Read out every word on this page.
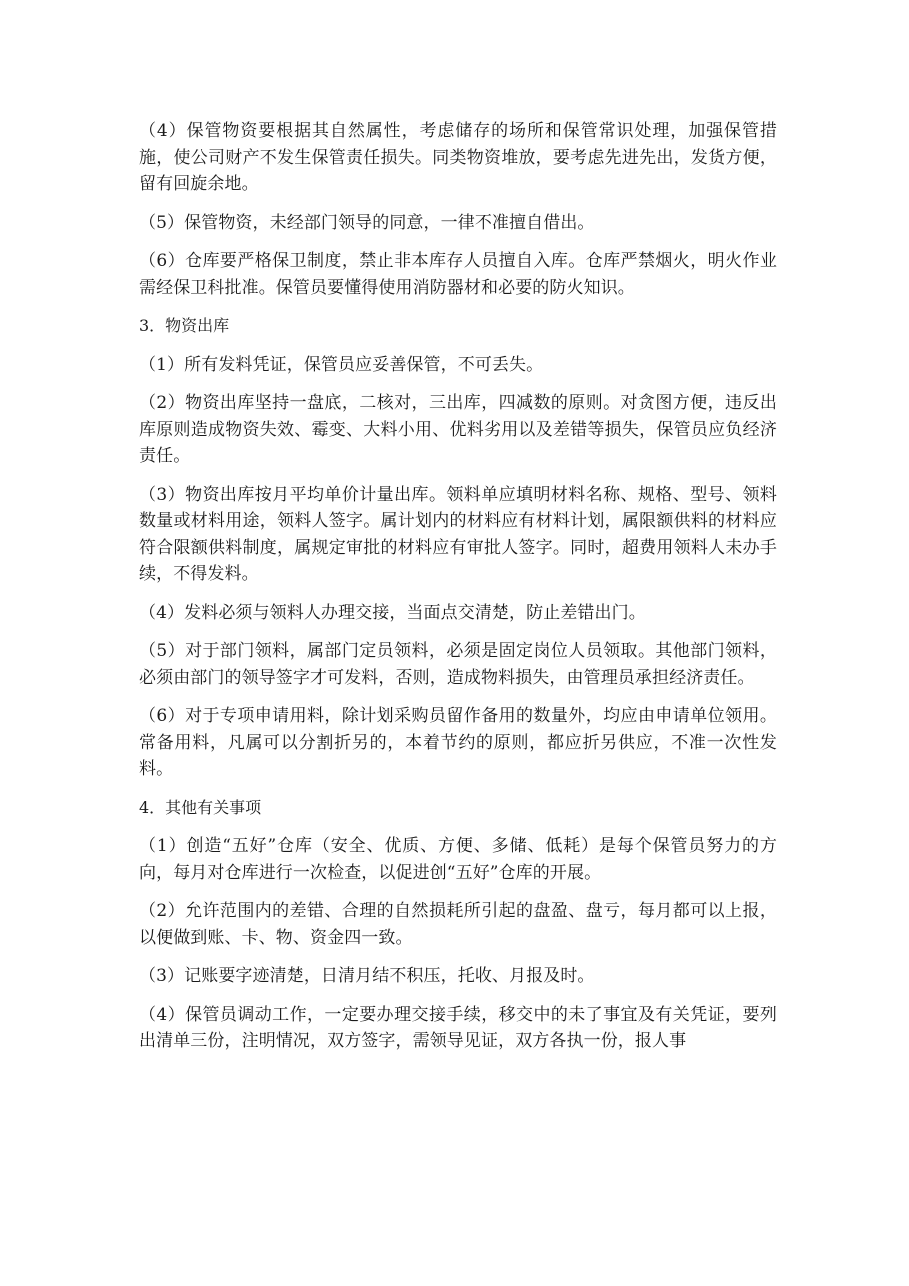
（4）保管物资要根据其自然属性，考虑储存的场所和保管常识处理，加强保管措施，使公司财产不发生保管责任损失。同类物资堆放，要考虑先进先出，发货方便，留有回旋余地。

（5）保管物资，未经部门领导的同意，一律不准擅自借出。

（6）仓库要严格保卫制度，禁止非本库存人员擅自入库。仓库严禁烟火，明火作业需经保卫科批准。保管员要懂得使用消防器材和必要的防火知识。

3．物资出库

（1）所有发料凭证，保管员应妥善保管，不可丢失。

（2）物资出库坚持一盘底，二核对，三出库，四减数的原则。对贪图方便，违反出库原则造成物资失效、霉变、大料小用、优料劣用以及差错等损失，保管员应负经济责任。

（3）物资出库按月平均单价计量出库。领料单应填明材料名称、规格、型号、领料数量或材料用途，领料人签字。属计划内的材料应有材料计划，属限额供料的材料应符合限额供料制度，属规定审批的材料应有审批人签字。同时，超费用领料人未办手续，不得发料。

（4）发料必须与领料人办理交接，当面点交清楚，防止差错出门。

（5）对于部门领料，属部门定员领料，必须是固定岗位人员领取。其他部门领料，必须由部门的领导签字才可发料，否则，造成物料损失，由管理员承担经济责任。

（6）对于专项申请用料，除计划采购员留作备用的数量外，均应由申请单位领用。常备用料，凡属可以分割折另的，本着节约的原则，都应折另供应，不准一次性发料。

4．其他有关事项

（1）创造“五好”仓库（安全、优质、方便、多储、低耗）是每个保管员努力的方向，每月对仓库进行一次检查，以促进创“五好”仓库的开展。

（2）允许范围内的差错、合理的自然损耗所引起的盘盈、盘亏，每月都可以上报，以便做到账、卡、物、资金四一致。

（3）记账要字迹清楚，日清月结不积压，托收、月报及时。

（4）保管员调动工作，一定要办理交接手续，移交中的未了事宜及有关凭证，要列出清单三份，注明情况，双方签字，需领导见证，双方各执一份，报人事
